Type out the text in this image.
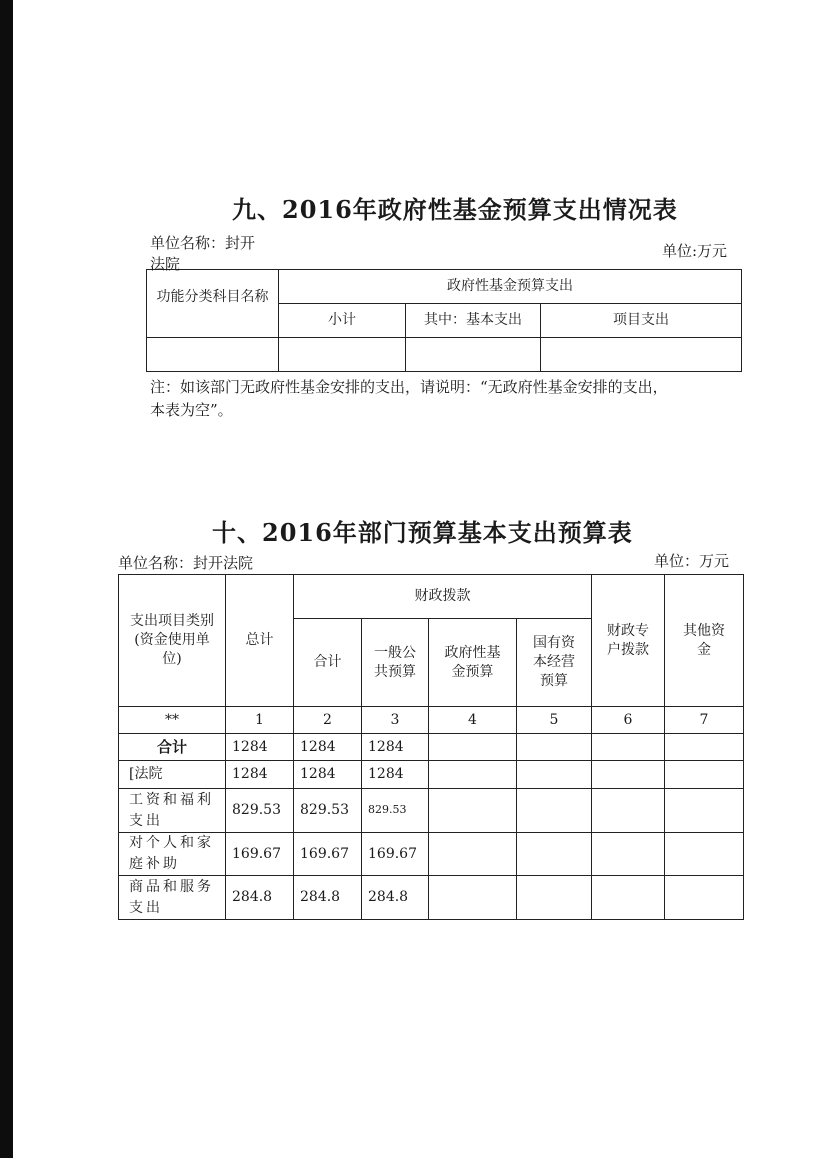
九、2016年政府性基金预算支出情况表
单位名称：封开
法院
单位:万元
功能分类科目名称	政府性基金预算支出		
	小计	其中：基本支出	项目支出

注：如该部门无政府性基金安排的支出，请说明：“无政府性基金安排的支出，
本表为空”。
十、2016年部门预算基本支出预算表
单位名称：封开法院	单位：万元
支出项目类别(资金使用单位)	总计	财政拨款				财政专户拨款	其他资金
		合计	一般公共预算	政府性基金预算	国有资本经营预算		
**	1	2	3	4	5	6	7
合计	1284	1284	1284				
[法院	1284	1284	1284				
工资和福利支出	829.53	829.53	829.53				
对个人和家庭补助	169.67	169.67	169.67				
商品和服务支出	284.8	284.8	284.8				
